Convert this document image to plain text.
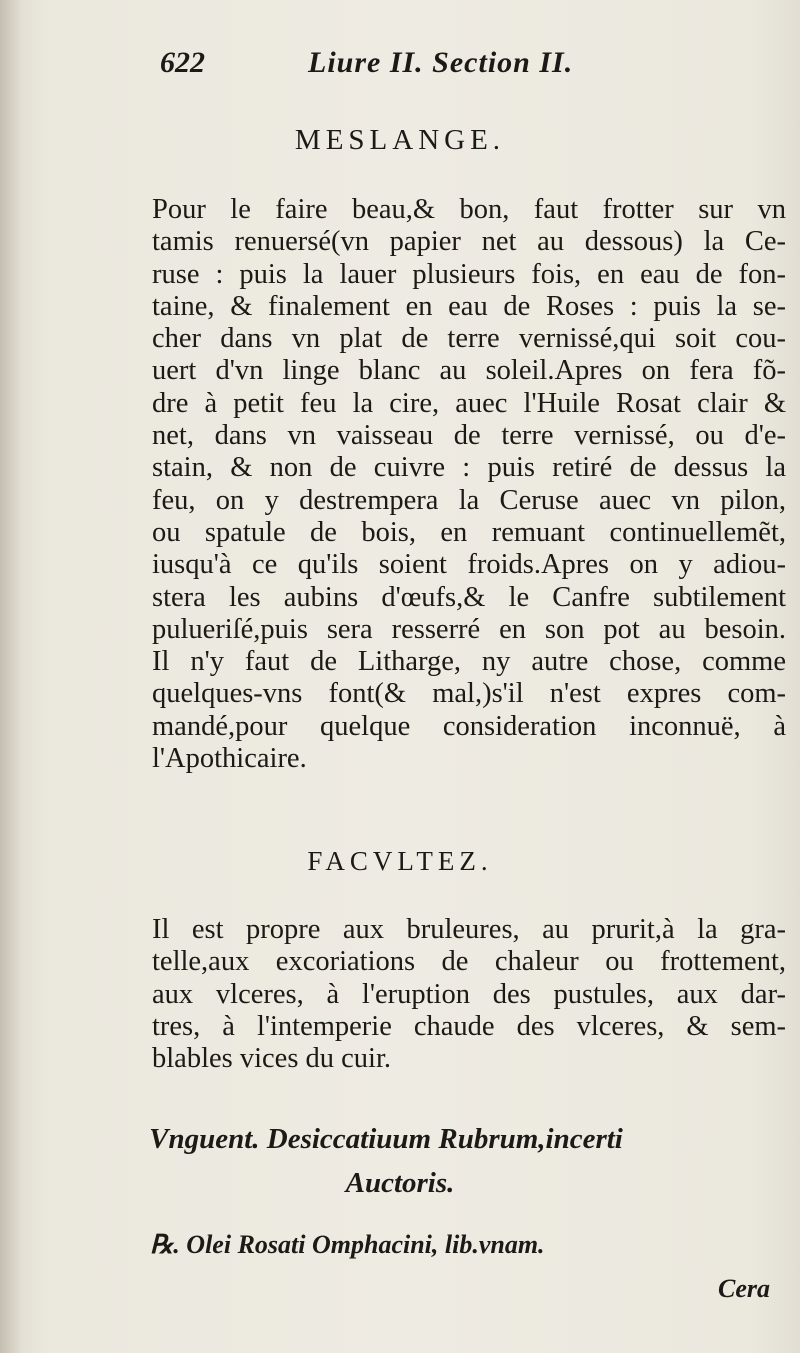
622	Liure II. Section II.
MESLANGE.
Pour le faire beau,& bon, faut frotter sur vn
tamis renuersé(vn papier net au dessous) la Ce-
ruse : puis la lauer plusieurs fois, en eau de fon-
taine, & finalement en eau de Roses : puis la se-
cher dans vn plat de terre vernissé,qui soit cou-
uert d'vn linge blanc au soleil.Apres on fera fõ-
dre à petit feu la cire, auec l'Huile Rosat clair &
net, dans vn vaisseau de terre vernissé, ou d'e-
stain, & non de cuivre : puis retiré de dessus la
feu, on y destrempera la Ceruse auec vn pilon,
ou spatule de bois, en remuant continuellemẽt,
iusqu'à ce qu'ils soient froids.Apres on y adiou-
stera les aubins d'œufs,& le Canfre subtilement
pulueriſé,puis sera resserré en son pot au besoin.
Il n'y faut de Litharge, ny autre chose, comme
quelques-vns font(& mal,)s'il n'est expres com-
mandé,pour quelque consideration inconnuë, à
l'Apothicaire.
FACVLTEZ.
Il est propre aux bruleures, au prurit,à la gra-
telle,aux excoriations de chaleur ou frottement,
aux vlceres, à l'eruption des pustules, aux dar-
tres, à l'intemperie chaude des vlceres, & sem-
blables vices du cuir.
Vnguent. Desiccatiuum Rubrum,incerti
Auctoris.
℞. Olei Rosati Omphacini, lib.vnam.
Cera
